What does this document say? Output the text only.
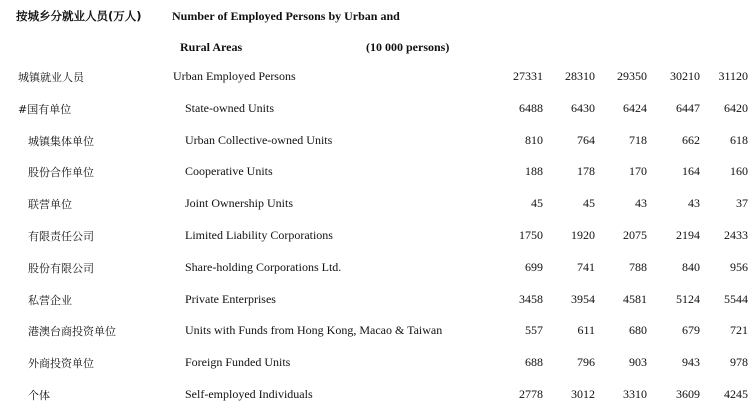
按城乡分就业人员(万人)	Number of Employed Persons by Urban and
Rural Areas	(10 000 persons)
城镇就业人员	Urban Employed Persons	27331	28310	29350	30210	31120
#国有单位	State-owned Units	6488	6430	6424	6447	6420
城镇集体单位	Urban Collective-owned Units	810	764	718	662	618
股份合作单位	Cooperative Units	188	178	170	164	160
联营单位	Joint Ownership Units	45	45	43	43	37
有限责任公司	Limited Liability Corporations	1750	1920	2075	2194	2433
股份有限公司	Share-holding Corporations Ltd.	699	741	788	840	956
私营企业	Private Enterprises	3458	3954	4581	5124	5544
港澳台商投资单位	Units with Funds from Hong Kong, Macao & Taiwan	557	611	680	679	721
外商投资单位	Foreign Funded Units	688	796	903	943	978
个体	Self-employed Individuals	2778	3012	3310	3609	4245
